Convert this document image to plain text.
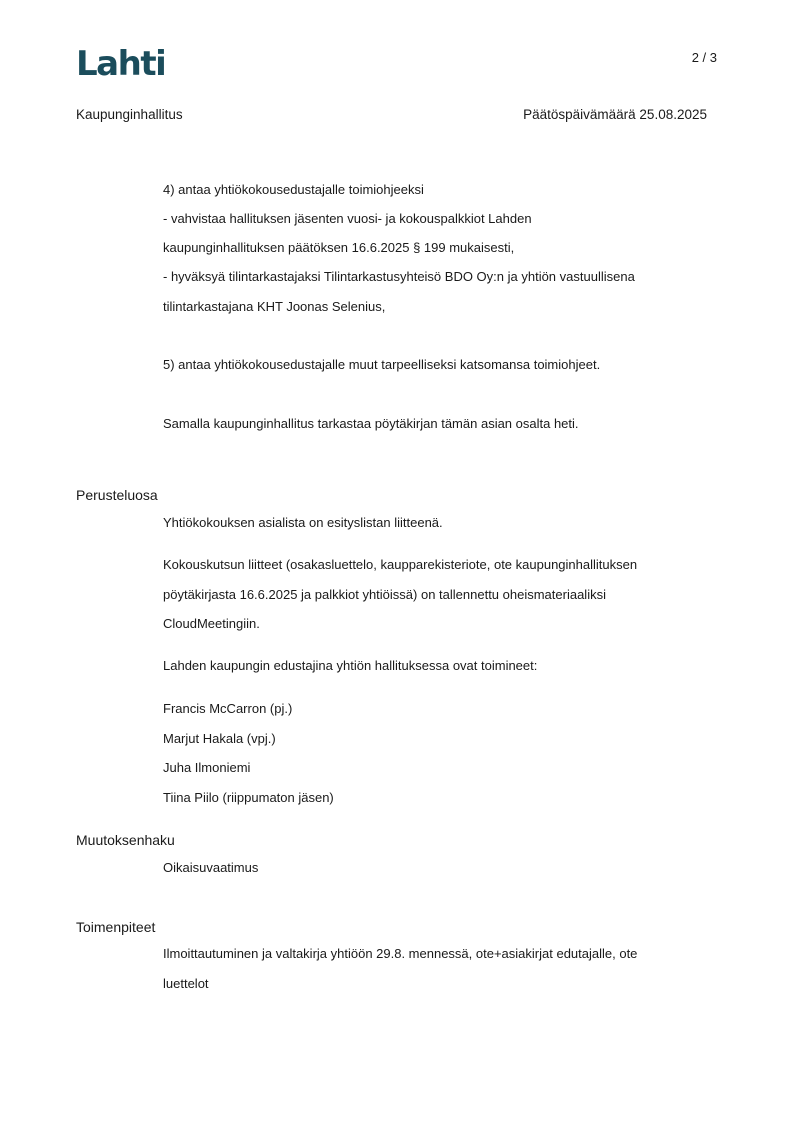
Lahti	2 / 3
Kaupunginhallitus	Päätöspäivämäärä 25.08.2025
4) antaa yhtiökokousedustajalle toimiohjeeksi
- vahvistaa hallituksen jäsenten vuosi- ja kokouspalkkiot Lahden
kaupunginhallituksen päätöksen 16.6.2025 § 199 mukaisesti,
- hyväksyä tilintarkastajaksi Tilintarkastusyhteisö BDO Oy:n ja yhtiön vastuullisena
tilintarkastajana KHT Joonas Selenius,
5) antaa yhtiökokousedustajalle muut tarpeelliseksi katsomansa toimiohjeet.
Samalla kaupunginhallitus tarkastaa pöytäkirjan tämän asian osalta heti.
Perusteluosa
Yhtiökokouksen asialista on esityslistan liitteenä.
Kokouskutsun liitteet (osakasluettelo, kaupparekisteriote, ote kaupunginhallituksen
pöytäkirjasta 16.6.2025 ja palkkiot yhtiöissä) on tallennettu oheismateriaaliksi
CloudMeetingiin.
Lahden kaupungin edustajina yhtiön hallituksessa ovat toimineet:
Francis McCarron (pj.)
Marjut Hakala (vpj.)
Juha Ilmoniemi
Tiina Piilo (riippumaton jäsen)
Muutoksenhaku
Oikaisuvaatimus
Toimenpiteet
Ilmoittautuminen ja valtakirja yhtiöön 29.8. mennessä, ote+asiakirjat edutajalle, ote
luettelot
